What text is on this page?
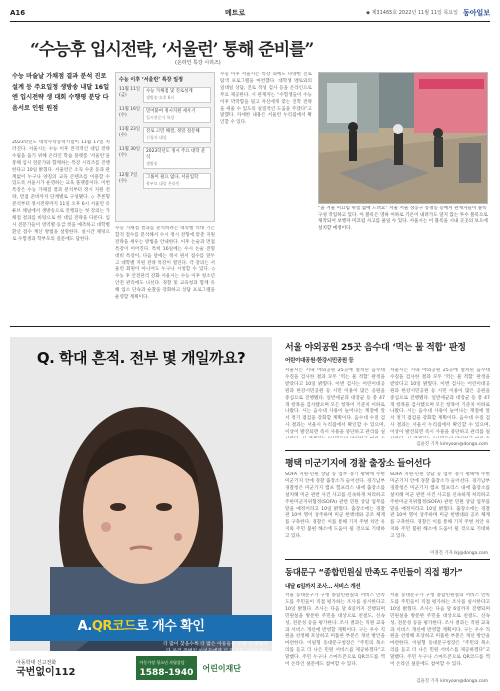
A16	메트로	◆ 제31465호 2022년 11월 11일 목요일 동아일보
“수능후 입시전략, ‘서울런’ 통해 준비를”
(온라인 특강 시리즈)
수능 마술날 가채점 결과 분석 진로 설계 등 주요일정 생방송 내달 16일엔 입시전략 생 대회 수행평 분당 다음서로 인원 원점
2023학년도 대학수학능력시험이 11월 17일 치러진다. 서울시는 수능 이후 본격적인 대입 전략 수립을 돕기 위해 온라인 학습 플랫폼 ‘서울런’을 통해 입시 전문가와 함께하는 특강 시리즈를 진행한다고 10일 밝혔다. 서울런은 소득 수준 등과 관계없이 누구나 양질의 교육 콘텐츠를 이용할 수 있도록 서울시가 운영하는 교육 플랫폼이다. 이번 특강은 수능 가채점 결과 분석부터 정시 지원 전략, 면접 준비까지 단계별로 구성됐다. ◇ 추론형 분석부터 정시전략까지 11일 오후 6시 서울런 유튜브 채널에서 생방송으로 진행되는 첫 강의는 가채점 결과를 바탕으로 한 대입 전략을 다룬다. 입시 전문가들이 영역별 등급 컷을 예측하고 대학별 환산 점수 계산 방법을 설명한다. 실시간 채팅으로 수험생과 학부모의 질문에도 답한다.
수능 이후 ‘서울런’ 특강 일정
11월 11일(금)
수능 가채점 및 진로설계
생방송·오후 6시
11월 16일(수)
밀어붙여 정시지원 세우기
입시전문가 특강
11월 23일(수)
진로 고민 해결, 정말 질문해
신청자 대상
11월 30일(수)
2023학년도 정시 주요 대학 분석
생방송
12월 7일(수)
그룹이 필요 없다, 서울입학
학부모 대상 온라인
수능 가채점 결과를 분석하려는 대학별 역대 기는 합격 점수를 분석해서 수시 정시 전형에 맞춘 지원 전략을 세우는 방법을 안내한다. 이후 논술과 면접 특강이 이어진다. 특히 16일에는 수시 논술 전형 대비 특강이, 다음 달에는 정시 원서 접수를 앞두고 대학별 지원 전략 특강이 열린다. 각 강의는 서울런 회원이 아니어도 누구나 시청할 수 있다. ◇ 수능 후 안전관리 강화 서울시는 수능 이후 청소년 안전 관리에도 나선다. 경찰 및 교육청과 함께 유해 업소 단속과 순찰을 강화하고 상담 프로그램을 운영할 계획이다.
수능 이후 서울시는 특강 외에도 다양한 진로 탐색 프로그램을 마련했다. 대학생 멘토와의 일대일 상담, 진로 적성 검사 등을 온라인으로 무료 제공한다. 시 관계자는 “수험생들이 수능 이후 막막함을 덜고 자신에게 맞는 진학 전략을 세울 수 있도록 실질적인 도움을 주겠다”고 말했다. 자세한 내용은 서울런 누리집에서 확인할 수 있다.
“올 겨울 미끄럼 위험 없애 드려요” 서울 서울 성동구 송정동 등에서 관계자들이 블록 구성 작업하고 있다. 이 블록은 영하 이하로 기온이 내려가도 얼지 않는 투수 블록으로 제작되어 보행자 미끄럼 사고를 줄일 수 있다. 서울시는 이 블록을 시내 곳곳의 보도에 설치할 예정이다.
Q. 학대 흔적. 전부 몇 개일까요?
A.QR코드로 개수 확인
더 많이 찾을수록 더 많은 아동들을 구할 수 있습니
아동학대 신고전화
국번없이112
아동가정 청소년 자립상담
1588-1940	어린이재단
서울 야외공원 25곳 음수대 ‘먹는 물 적합’ 판정
어린이대공원·한강시민공원 등
서울시는 시내 야외공원 25곳에 설치된 음수대 수질을 검사한 결과 모두 ‘먹는 물 적합’ 판정을 받았다고 10일 밝혔다. 이번 검사는 어린이대공원과 한강시민공원 등 시민 이용이 많은 공원을 중심으로 진행됐다. 일반세균과 대장균 등 총 47개 항목을 검사했으며 모든 항목이 기준치 이하로 나왔다. 시는 음수대 사용이 늘어나는 계절에 앞서 정기 점검을 강화할 계획이다. 음수대 수질 검사 결과는 서울시 누리집에서 확인할 수 있으며, 이상이 발견되면 즉시 사용을 중단하고 관리를 실
서울시는 시내 야외공원 25곳에 설치된 음수대 수질을 검사한 결과 모두 ‘먹는 물 적합’ 판정을 받았다고 10일 밝혔다. 이번 검사는 어린이대공원과 한강시민공원 등 시민 이용이 많은 공원을 중심으로 진행됐다. 일반세균과 대장균 등 총 47개 항목을 검사했으며 모든 항목이 기준치 이하로 나왔다. 시는 음수대 사용이 늘어나는 계절에 앞서 정기 점검을 강화할 계획이다. 음수대 수질 검사 결과는 서울시 누리집에서 확인할 수 있으며, 이상이 발견되면 즉시 사용을 중단하고 관리를 실
김윤진 기자 kimyoon@donga.com
평택 미군기지에 경찰 출장소 들어선다
SOFA 지원·민원 상담 등 업무 경기 평택에 주한 미군기지 안에 경찰 출장소가 들어선다. 경기남부경찰청은 미군기지 캠프 험프리스 내에 출장소를 설치해 미군 관련 사건 사고를 신속하게 처리하고 주한미군지위협정(SOFA) 관련 민원 상담 업무를 맡을 예정이라고 10일 밝혔다. 출장소에는 경찰관 10여 명이 상주하며 미군 헌병대와 공조 체계를 구축한다. 경찰은 이를 통해 기지 주변 치안 유지와 주민 불편 해소에 도움이 될 것으로 기대하고 있다.
SOFA 지원·민원 상담 등 업무 경기 평택에 주한 미군기지 안에 경찰 출장소가 들어선다. 경기남부경찰청은 미군기지 캠프 험프리스 내에 출장소를 설치해 미군 관련 사건 사고를 신속하게 처리하고 주한미군지위협정(SOFA) 관련 민원 상담 업무를 맡을 예정이라고 10일 밝혔다. 출장소에는 경찰관 10여 명이 상주하며 미군 헌병대와 공조 체계를 구축한다. 경찰은 이를 통해 기지 주변 치안 유지와 주민 불편 해소에 도움이 될 것으로 기대하고 있다.
이경진 기자 lkj@donga.com
동대문구 “종합민원실 만족도 주민들이 직접 평가”
내달 6일까지 조사… 서비스 개선
서울 동대문구가 구청 종합민원실의 서비스 만족도를 주민들이 직접 평가하는 조사를 실시한다고 10일 밝혔다. 조사는 다음 달 6일까지 진행되며 민원실을 방문한 주민을 대상으로 친절도, 신속성, 전문성 등을 평가한다. 조사 결과는 직원 교육과 서비스 개선에 반영할 계획이다. 구는 우수 직원을 선정해 포상하고 미흡한 부분은 개선 방안을 마련한다. 이필형 동대문구청장은 “주민의 목소리를 듣고 더 나은 민원 서비스를 제공하겠다”고 말했다. 주민 누구나 스마트폰으로 QR코드를 찍어 온라인 설문에도 참여할 수 있다.
서울 동대문구가 구청 종합민원실의 서비스 만족도를 주민들이 직접 평가하는 조사를 실시한다고 10일 밝혔다. 조사는 다음 달 6일까지 진행되며 민원실을 방문한 주민을 대상으로 친절도, 신속성, 전문성 등을 평가한다. 조사 결과는 직원 교육과 서비스 개선에 반영할 계획이다. 구는 우수 직원을 선정해 포상하고 미흡한 부분은 개선 방안을 마련한다. 이필형 동대문구청장은 “주민의 목소리를 듣고 더 나은 민원 서비스를 제공하겠다”고 말했다. 주민 누구나 스마트폰으로 QR코드를 찍어 온라인 설문에도 참여할 수 있다.
김윤진 기자 kimyoon@donga.com
